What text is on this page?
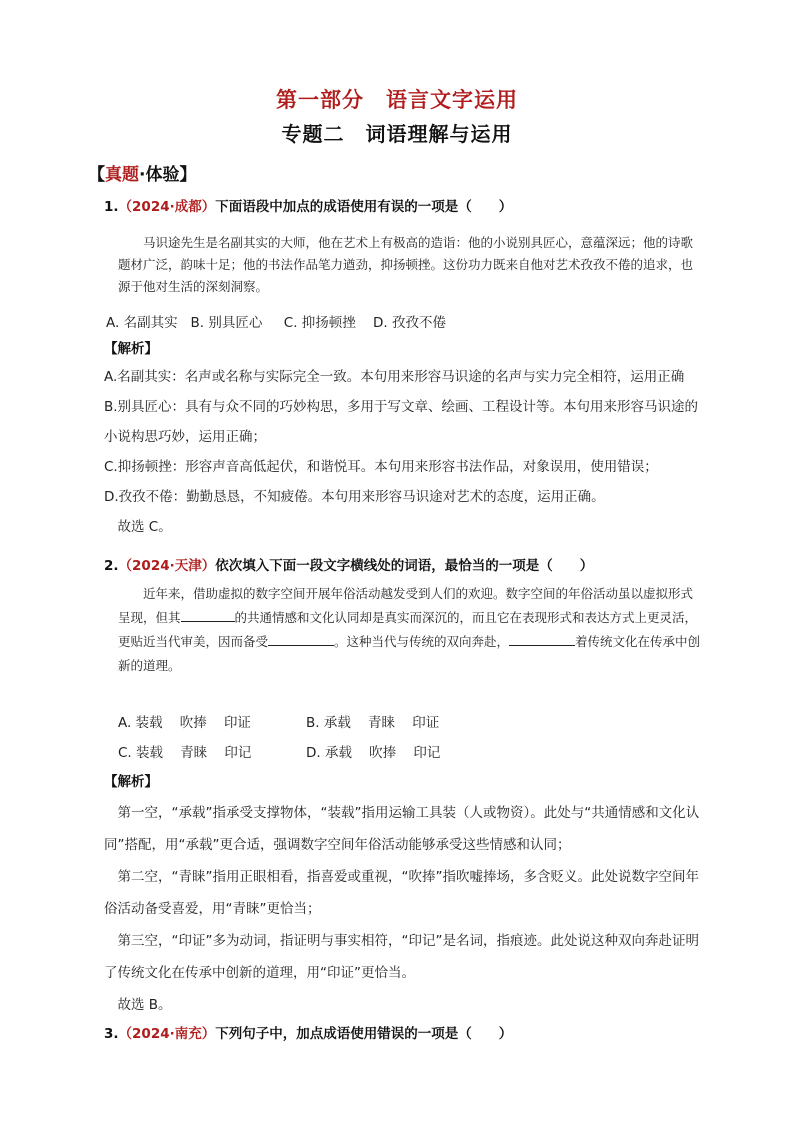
第一部分　语言文字运用
专题二　词语理解与运用
【真题·体验】
1.（2024·成都）下面语段中加点的成语使用有误的一项是（　　）

马识途先生是名副其实的大师，他在艺术上有极高的造诣：他的小说别具匠心，意蕴深远；他的诗歌题材广泛，韵味十足；他的书法作品笔力遒劲，抑扬顿挫。这份功力既来自他对艺术孜孜不倦的追求，也源于他对生活的深刻洞察。

A. 名副其实 B. 别具匠心 C. 抑扬顿挫 D. 孜孜不倦
【解析】

A.名副其实：名声或名称与实际完全一致。本句用来形容马识途的名声与实力完全相符，运用正确

B.别具匠心：具有与众不同的巧妙构思，多用于写文章、绘画、工程设计等。本句用来形容马识途的小说构思巧妙，运用正确；

C.抑扬顿挫：形容声音高低起伏，和谐悦耳。本句用来形容书法作品，对象误用，使用错误；

D.孜孜不倦：勤勤恳恳，不知疲倦。本句用来形容马识途对艺术的态度，运用正确。

故选 C。

2.（2024·天津）依次填入下面一段文字横线处的词语，最恰当的一项是（　　）

近年来，借助虚拟的数字空间开展年俗活动越发受到人们的欢迎。数字空间的年俗活动虽以虚拟形式呈现，但其	的共通情感和文化认同却是真实而深沉的，而且它在表现形式和表达方式上更灵活，更贴近当代审美，因而备受	。这种当代与传统的双向奔赴，	着传统文化在传承中创新的道理。

A. 装载 吹捧 印证	B. 承载 青睐 印证
C. 装载 青睐 印记	D. 承载 吹捧 印记
【解析】

第一空，“承载”指承受支撑物体，“装载”指用运输工具装（人或物资）。此处与“共通情感和文化认同”搭配，用“承载”更合适，强调数字空间年俗活动能够承受这些情感和认同；

第二空，“青睐”指用正眼相看，指喜爱或重视，“吹捧”指吹嘘捧场，多含贬义。此处说数字空间年俗活动备受喜爱，用“青睐”更恰当；

第三空，“印证”多为动词，指证明与事实相符，“印记”是名词，指痕迹。此处说这种双向奔赴证明了传统文化在传承中创新的道理，用“印证”更恰当。

故选 B。

3.（2024·南充）下列句子中，加点成语使用错误的一项是（　　）
